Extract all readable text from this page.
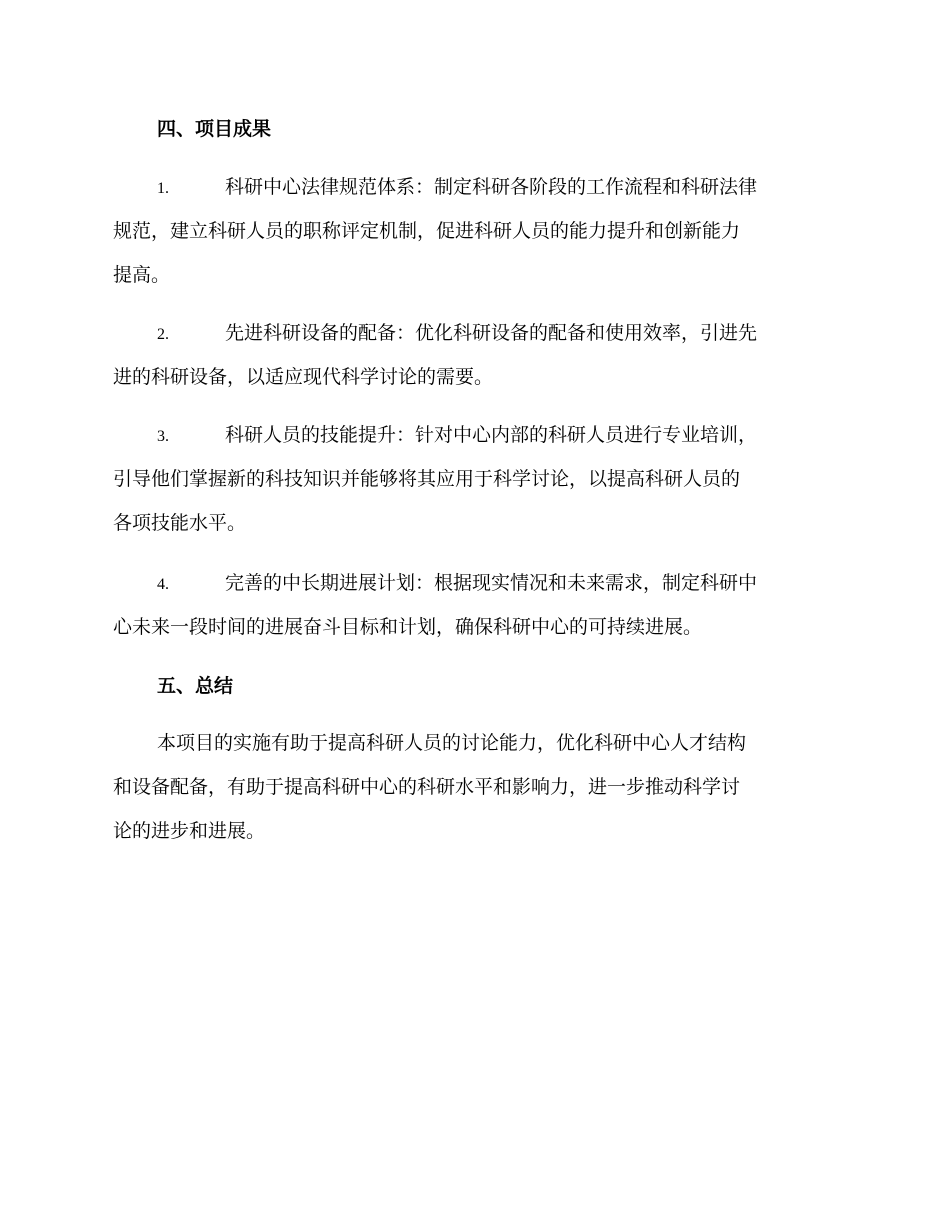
四、项目成果
1.	科研中心法律规范体系：制定科研各阶段的工作流程和科研法律
规范，建立科研人员的职称评定机制，促进科研人员的能力提升和创新能力
提高。
2.	先进科研设备的配备：优化科研设备的配备和使用效率，引进先
进的科研设备，以适应现代科学讨论的需要。
3.	科研人员的技能提升：针对中心内部的科研人员进行专业培训，
引导他们掌握新的科技知识并能够将其应用于科学讨论，以提高科研人员的
各项技能水平。
4.	完善的中长期进展计划：根据现实情况和未来需求，制定科研中
心未来一段时间的进展奋斗目标和计划，确保科研中心的可持续进展。
五、总结
本项目的实施有助于提高科研人员的讨论能力，优化科研中心人才结构
和设备配备，有助于提高科研中心的科研水平和影响力，进一步推动科学讨
论的进步和进展。
